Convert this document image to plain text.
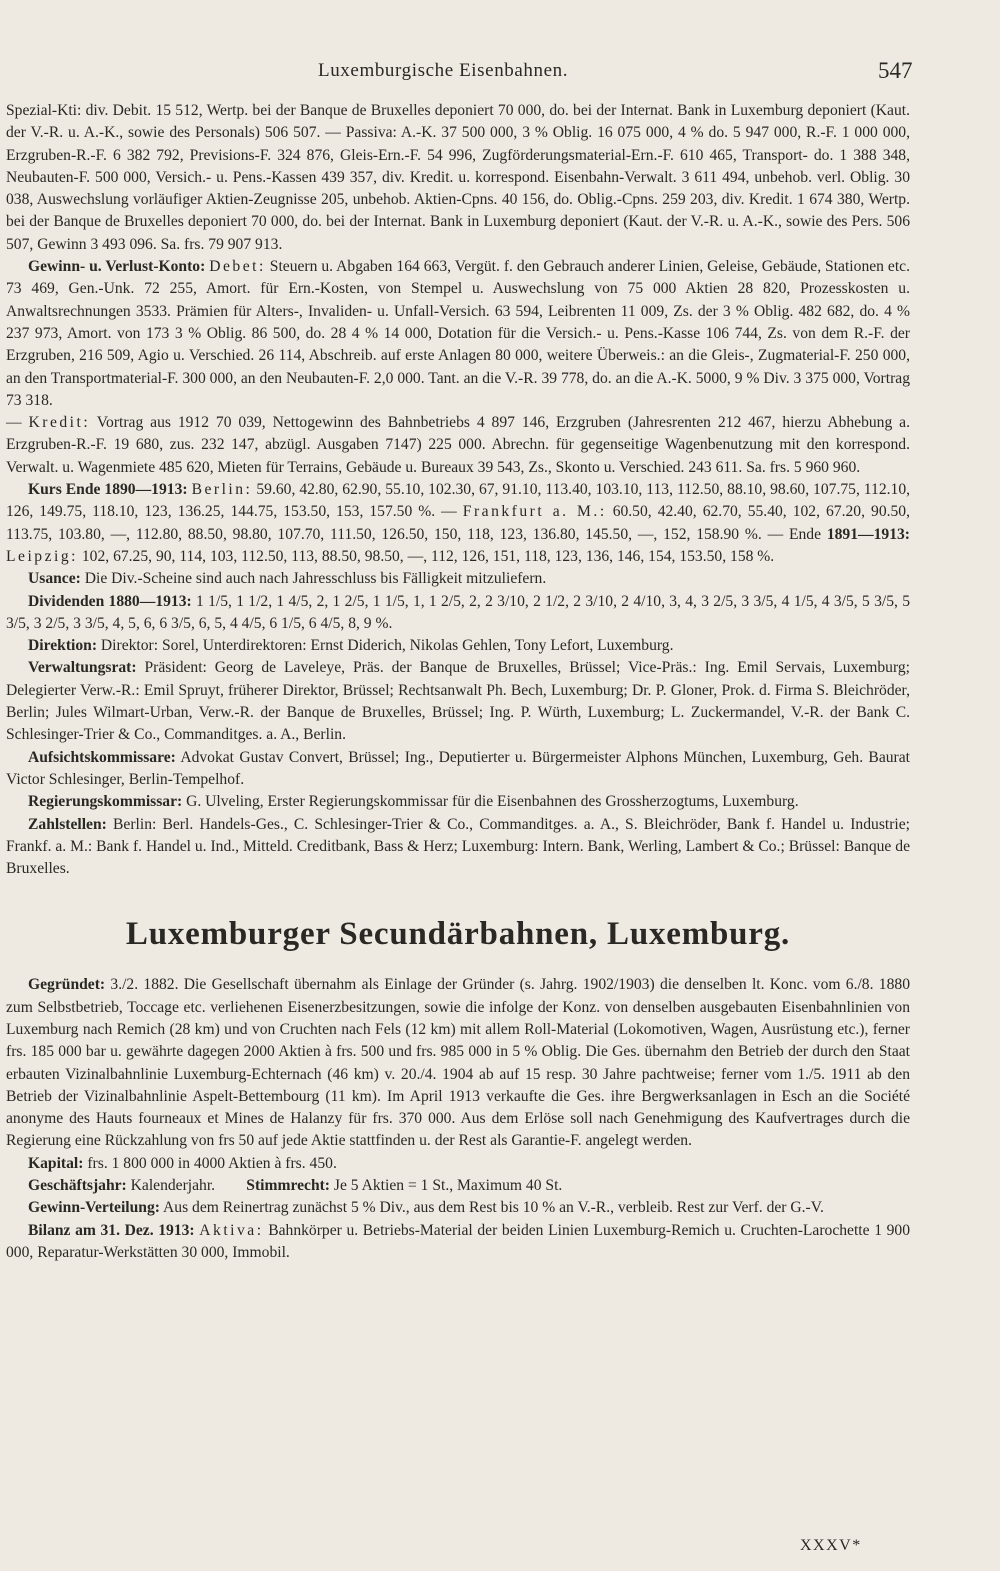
Luxemburgische Eisenbahnen.	547

Spezial-Kti: div. Debit. 15 512, Wertp. bei der Banque de Bruxelles deponiert 70 000, do. bei der Internat. Bank in Luxemburg deponiert (Kaut. der V.-R. u. A.-K., sowie des Personals) 506 507. — Passiva: A.-K. 37 500 000, 3 % Oblig. 16 075 000, 4 % do. 5 947 000, R.-F. 1 000 000, Erzgruben-R.-F. 6 382 792, Previsions-F. 324 876, Gleis-Ern.-F. 54 996, Zugförderungsmaterial-Ern.-F. 610 465, Transport- do. 1 388 348, Neubauten-F. 500 000, Versich.- u. Pens.-Kassen 439 357, div. Kredit. u. korrespond. Eisenbahn-Verwalt. 3 611 494, unbehob. verl. Oblig. 30 038, Auswechslung vorläufiger Aktien-Zeugnisse 205, unbehob. Aktien-Cpns. 40 156, do. Oblig.-Cpns. 259 203, div. Kredit. 1 674 380, Wertp. bei der Banque de Bruxelles deponiert 70 000, do. bei der Internat. Bank in Luxemburg deponiert (Kaut. der V.-R. u. A.-K., sowie des Pers. 506 507, Gewinn 3 493 096. Sa. frs. 79 907 913.

Gewinn- u. Verlust-Konto: Debet: Steuern u. Abgaben 164 663, Vergüt. f. den Gebrauch anderer Linien, Geleise, Gebäude, Stationen etc. 73 469, Gen.-Unk. 72 255, Amort. für Ern.-Kosten, von Stempel u. Auswechslung von 75 000 Aktien 28 820, Prozesskosten u. Anwaltsrechnungen 3533. Prämien für Alters-, Invaliden- u. Unfall-Versich. 63 594, Leibrenten 11 009, Zs. der 3 % Oblig. 482 682, do. 4 % 237 973, Amort. von 173 3 % Oblig. 86 500, do. 28 4 % 14 000, Dotation für die Versich.- u. Pens.-Kasse 106 744, Zs. von dem R.-F. der Erzgruben, 216 509, Agio u. Verschied. 26 114, Abschreib. auf erste Anlagen 80 000, weitere Überweis.: an die Gleis-, Zugmaterial-F. 250 000, an den Transportmaterial-F. 300 000, an den Neubauten-F. 2,0 000. Tant. an die V.-R. 39 778, do. an die A.-K. 5000, 9 % Div. 3 375 000, Vortrag 73 318.
— Kredit: Vortrag aus 1912 70 039, Nettogewinn des Bahnbetriebs 4 897 146, Erzgruben (Jahresrenten 212 467, hierzu Abhebung a. Erzgruben-R.-F. 19 680, zus. 232 147, abzügl. Ausgaben 7147) 225 000. Abrechn. für gegenseitige Wagenbenutzung mit den korrespond. Verwalt. u. Wagenmiete 485 620, Mieten für Terrains, Gebäude u. Bureaux 39 543, Zs., Skonto u. Verschied. 243 611. Sa. frs. 5 960 960.

Kurs Ende 1890—1913: Berlin: 59.60, 42.80, 62.90, 55.10, 102.30, 67, 91.10, 113.40, 103.10, 113, 112.50, 88.10, 98.60, 107.75, 112.10, 126, 149.75, 118.10, 123, 136.25, 144.75, 153.50, 153, 157.50 %. — Frankfurt a. M.: 60.50, 42.40, 62.70, 55.40, 102, 67.20, 90.50, 113.75, 103.80, —, 112.80, 88.50, 98.80, 107.70, 111.50, 126.50, 150, 118, 123, 136.80, 145.50, —, 152, 158.90 %. — Ende 1891—1913: Leipzig: 102, 67.25, 90, 114, 103, 112.50, 113, 88.50, 98.50, —, 112, 126, 151, 118, 123, 136, 146, 154, 153.50, 158 %.

Usance: Die Div.-Scheine sind auch nach Jahresschluss bis Fälligkeit mitzuliefern.

Dividenden 1880—1913: 1 1/5, 1 1/2, 1 4/5, 2, 1 2/5, 1 1/5, 1, 1 2/5, 2, 2 3/10, 2 1/2, 2 3/10, 2 4/10, 3, 4, 3 2/5, 3 3/5, 4 1/5, 4 3/5, 5 3/5, 5 3/5, 3 2/5, 3 3/5, 4, 5, 6, 6 3/5, 6, 5, 4 4/5, 6 1/5, 6 4/5, 8, 9 %.

Direktion: Direktor: Sorel, Unterdirektoren: Ernst Diderich, Nikolas Gehlen, Tony Lefort, Luxemburg.

Verwaltungsrat: Präsident: Georg de Laveleye, Präs. der Banque de Bruxelles, Brüssel; Vice-Präs.: Ing. Emil Servais, Luxemburg; Delegierter Verw.-R.: Emil Spruyt, früherer Direktor, Brüssel; Rechtsanwalt Ph. Bech, Luxemburg; Dr. P. Gloner, Prok. d. Firma S. Bleichröder, Berlin; Jules Wilmart-Urban, Verw.-R. der Banque de Bruxelles, Brüssel; Ing. P. Würth, Luxemburg; L. Zuckermandel, V.-R. der Bank C. Schlesinger-Trier & Co., Commanditges. a. A., Berlin.

Aufsichtskommissare: Advokat Gustav Convert, Brüssel; Ing., Deputierter u. Bürgermeister Alphons München, Luxemburg, Geh. Baurat Victor Schlesinger, Berlin-Tempelhof.

Regierungskommissar: G. Ulveling, Erster Regierungskommissar für die Eisenbahnen des Grossherzogtums, Luxemburg.

Zahlstellen: Berlin: Berl. Handels-Ges., C. Schlesinger-Trier & Co., Commanditges. a. A., S. Bleichröder, Bank f. Handel u. Industrie; Frankf. a. M.: Bank f. Handel u. Ind., Mitteld. Creditbank, Bass & Herz; Luxemburg: Intern. Bank, Werling, Lambert & Co.; Brüssel: Banque de Bruxelles.

Luxemburger Secundärbahnen, Luxemburg.

Gegründet: 3./2. 1882. Die Gesellschaft übernahm als Einlage der Gründer (s. Jahrg. 1902/1903) die denselben lt. Konc. vom 6./8. 1880 zum Selbstbetrieb, Toccage etc. verliehenen Eisenerzbesitzungen, sowie die infolge der Konz. von denselben ausgebauten Eisenbahnlinien von Luxemburg nach Remich (28 km) und von Cruchten nach Fels (12 km) mit allem Roll-Material (Lokomotiven, Wagen, Ausrüstung etc.), ferner frs. 185 000 bar u. gewährte dagegen 2000 Aktien à frs. 500 und frs. 985 000 in 5 % Oblig. Die Ges. übernahm den Betrieb der durch den Staat erbauten Vizinalbahnlinie Luxemburg-Echternach (46 km) v. 20./4. 1904 ab auf 15 resp. 30 Jahre pachtweise; ferner vom 1./5. 1911 ab den Betrieb der Vizinalbahnlinie Aspelt-Bettembourg (11 km). Im April 1913 verkaufte die Ges. ihre Bergwerksanlagen in Esch an die Société anonyme des Hauts fourneaux et Mines de Halanzy für frs. 370 000. Aus dem Erlöse soll nach Genehmigung des Kaufvertrages durch die Regierung eine Rückzahlung von frs 50 auf jede Aktie stattfinden u. der Rest als Garantie-F. angelegt werden.

Kapital: frs. 1 800 000 in 4000 Aktien à frs. 450.

Geschäftsjahr: Kalenderjahr. Stimmrecht: Je 5 Aktien = 1 St., Maximum 40 St.

Gewinn-Verteilung: Aus dem Reinertrag zunächst 5 % Div., aus dem Rest bis 10 % an V.-R., verbleib. Rest zur Verf. der G.-V.

Bilanz am 31. Dez. 1913: Aktiva: Bahnkörper u. Betriebs-Material der beiden Linien Luxemburg-Remich u. Cruchten-Larochette 1 900 000, Reparatur-Werkstätten 30 000, Immobil.

XXXV*
